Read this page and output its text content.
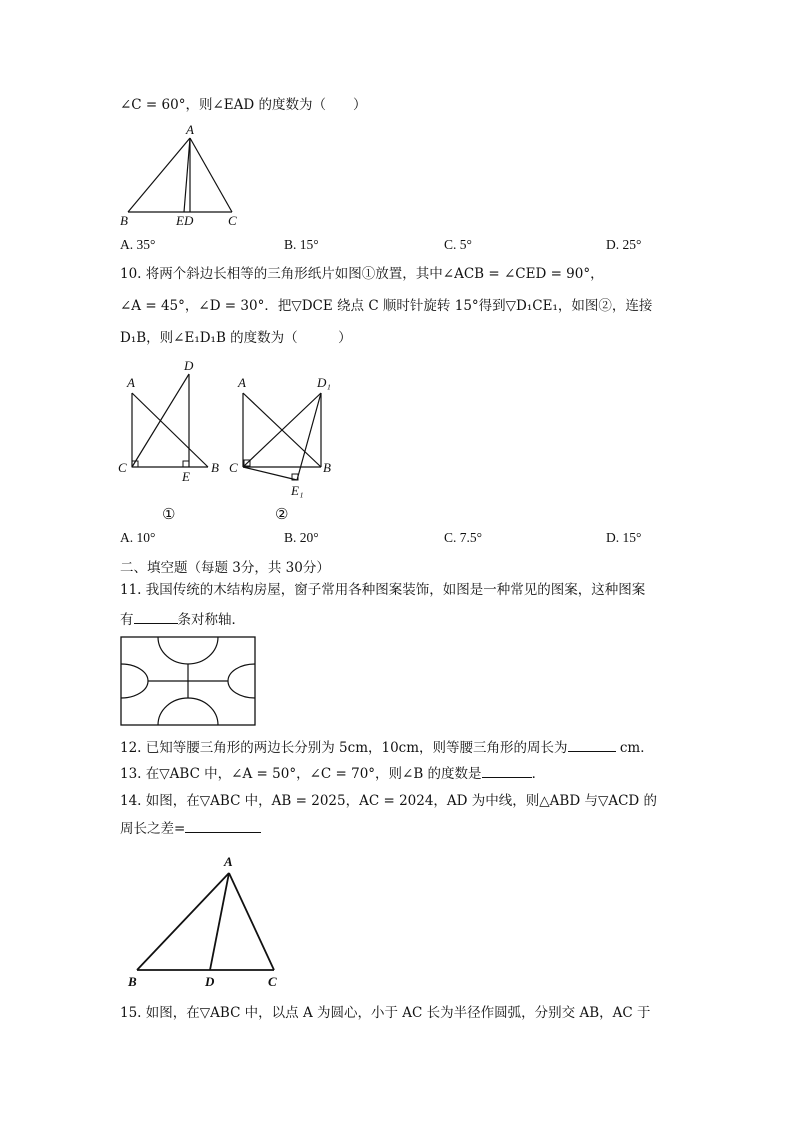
∠C = 60°，则∠EAD 的度数为（　　）
A
B	ED	C
A. 35°	B. 15°	C. 5°	D. 25°
10. 将两个斜边长相等的三角形纸片如图①放置，其中∠ACB = ∠CED = 90°，
∠A = 45°，∠D = 30°．把▽DCE 绕点 C 顺时针旋转 15°得到▽D₁CE₁，如图②，连接
D₁B，则∠E₁D₁B 的度数为（　　　）
A
D
C
E
B
①
A	D₁
C	B
E₁
②
A. 10°	B. 20°	C. 7.5°	D. 15°
二、填空题（每题 3分，共 30分）
11. 我国传统的木结构房屋，窗子常用各种图案装饰，如图是一种常见的图案，这种图案
有	条对称轴．
12. 已知等腰三角形的两边长分别为 5cm，10cm，则等腰三角形的周长为	cm．
13. 在▽ABC 中，∠A = 50°，∠C = 70°，则∠B 的度数是	．
14. 如图，在▽ABC 中，AB = 2025，AC = 2024，AD 为中线，则△ABD 与▽ACD 的
周长之差=
A
B	D	C
15. 如图，在▽ABC 中，以点 A 为圆心，小于 AC 长为半径作圆弧，分别交 AB，AC 于
